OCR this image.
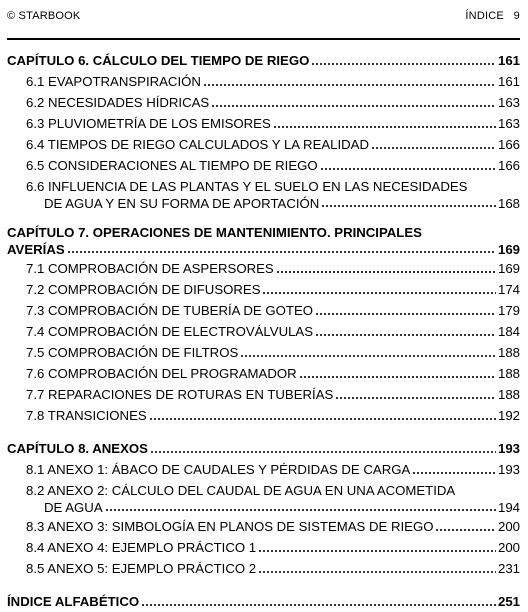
© STARBOOK	ÍNDICE   9
CAPÍTULO 6. CÁLCULO DEL TIEMPO DE RIEGO	161
6.1 EVAPOTRANSPIRACIÓN	161
6.2 NECESIDADES HÍDRICAS	163
6.3 PLUVIOMETRÍA DE LOS EMISORES	163
6.4 TIEMPOS DE RIEGO CALCULADOS Y LA REALIDAD	166
6.5 CONSIDERACIONES AL TIEMPO DE RIEGO	166
6.6 INFLUENCIA DE LAS PLANTAS Y EL SUELO EN LAS NECESIDADES
DE AGUA Y EN SU FORMA DE APORTACIÓN	168
CAPÍTULO 7. OPERACIONES DE MANTENIMIENTO. PRINCIPALES
AVERÍAS	169
7.1 COMPROBACIÓN DE ASPERSORES	169
7.2 COMPROBACIÓN DE DIFUSORES	174
7.3 COMPROBACIÓN DE TUBERÍA DE GOTEO	179
7.4 COMPROBACIÓN DE ELECTROVÁLVULAS	184
7.5 COMPROBACIÓN DE FILTROS	188
7.6 COMPROBACIÓN DEL PROGRAMADOR	188
7.7 REPARACIONES DE ROTURAS EN TUBERÍAS	188
7.8 TRANSICIONES	192
CAPÍTULO 8. ANEXOS	193
8.1 ANEXO 1: ÁBACO DE CAUDALES Y PÉRDIDAS DE CARGA	193
8.2 ANEXO 2: CÁLCULO DEL CAUDAL DE AGUA EN UNA ACOMETIDA
DE AGUA	194
8.3 ANEXO 3: SIMBOLOGÍA EN PLANOS DE SISTEMAS DE RIEGO	200
8.4 ANEXO 4: EJEMPLO PRÁCTICO 1	200
8.5 ANEXO 5: EJEMPLO PRÁCTICO 2	231
ÍNDICE ALFABÉTICO	251
